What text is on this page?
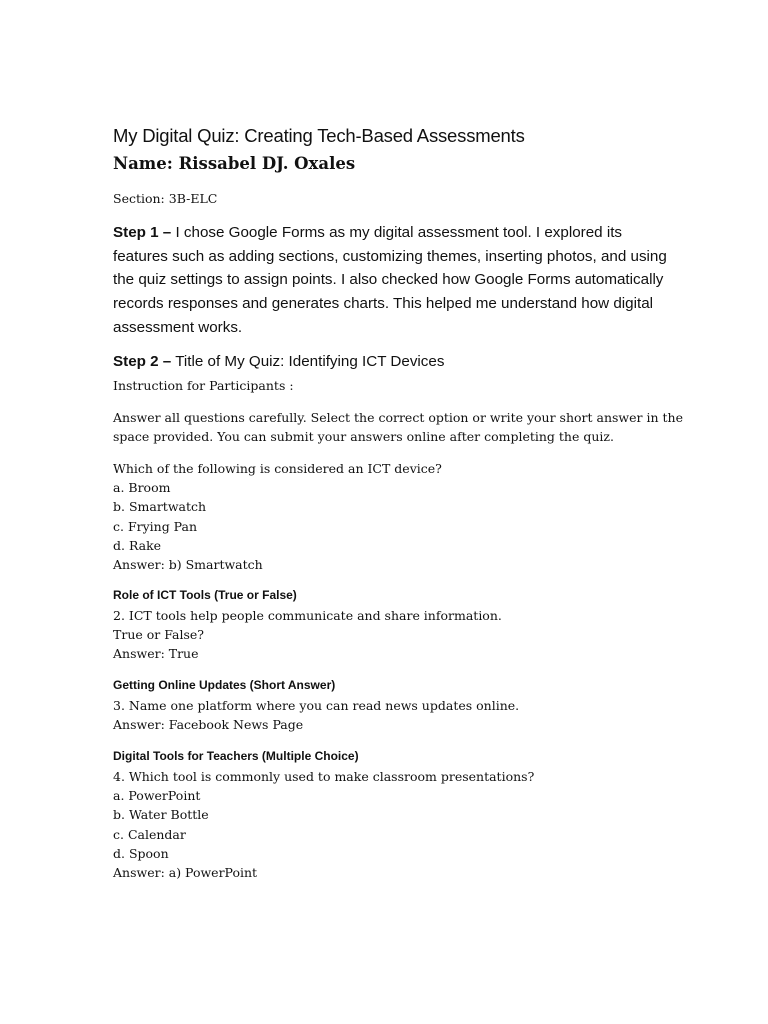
My Digital Quiz: Creating Tech-Based Assessments
Name: Rissabel DJ. Oxales
Section: 3B-ELC
Step 1 – I chose Google Forms as my digital assessment tool. I explored its features such as adding sections, customizing themes, inserting photos, and using the quiz settings to assign points. I also checked how Google Forms automatically records responses and generates charts. This helped me understand how digital assessment works.
Step 2 – Title of My Quiz: Identifying ICT Devices
Instruction for Participants :
Answer all questions carefully. Select the correct option or write your short answer in the
space provided. You can submit your answers online after completing the quiz.
Which of the following is considered an ICT device?
a. Broom
b. Smartwatch
c. Frying Pan
d. Rake
Answer: b) Smartwatch
Role of ICT Tools (True or False)
2. ICT tools help people communicate and share information.
True or False?
Answer: True
Getting Online Updates (Short Answer)
3. Name one platform where you can read news updates online.
Answer: Facebook News Page
Digital Tools for Teachers (Multiple Choice)
4. Which tool is commonly used to make classroom presentations?
a. PowerPoint
b. Water Bottle
c. Calendar
d. Spoon
Answer: a) PowerPoint
